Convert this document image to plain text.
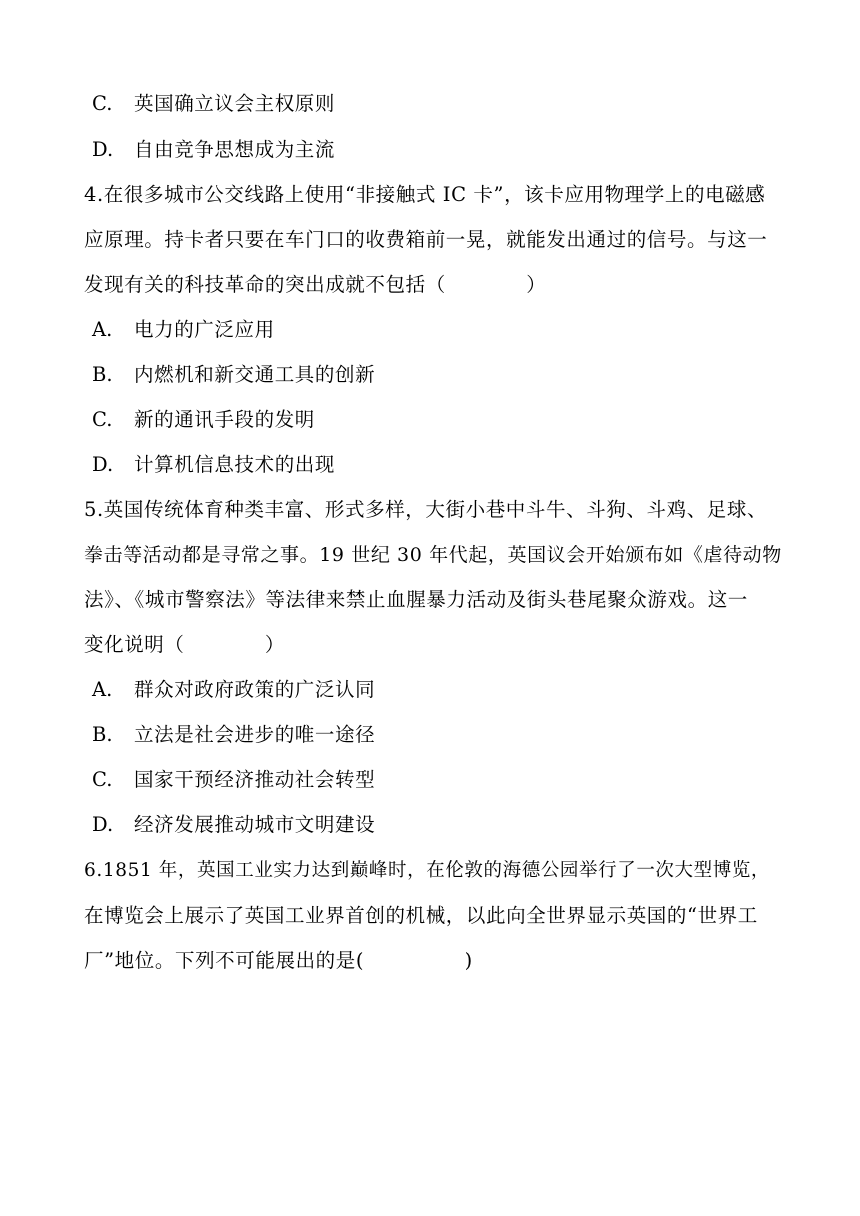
C. 英国确立议会主权原则
D. 自由竞争思想成为主流
4.在很多城市公交线路上使用“非接触式 IC 卡”，该卡应用物理学上的电磁感
应原理。持卡者只要在车门口的收费箱前一晃，就能发出通过的信号。与这一
发现有关的科技革命的突出成就不包括（　　　　）
A. 电力的广泛应用
B. 内燃机和新交通工具的创新
C. 新的通讯手段的发明
D. 计算机信息技术的出现
5.英国传统体育种类丰富、形式多样，大街小巷中斗牛、斗狗、斗鸡、足球、
拳击等活动都是寻常之事。19 世纪 30 年代起，英国议会开始颁布如《虐待动物
法》、《城市警察法》等法律来禁止血腥暴力活动及街头巷尾聚众游戏。这一
变化说明（　　　　）
A. 群众对政府政策的广泛认同
B. 立法是社会进步的唯一途径
C. 国家干预经济推动社会转型
D. 经济发展推动城市文明建设
6.1851 年，英国工业实力达到巅峰时，在伦敦的海德公园举行了一次大型博览，
在博览会上展示了英国工业界首创的机械，以此向全世界显示英国的“世界工
厂”地位。下列不可能展出的是(　　　　　)
